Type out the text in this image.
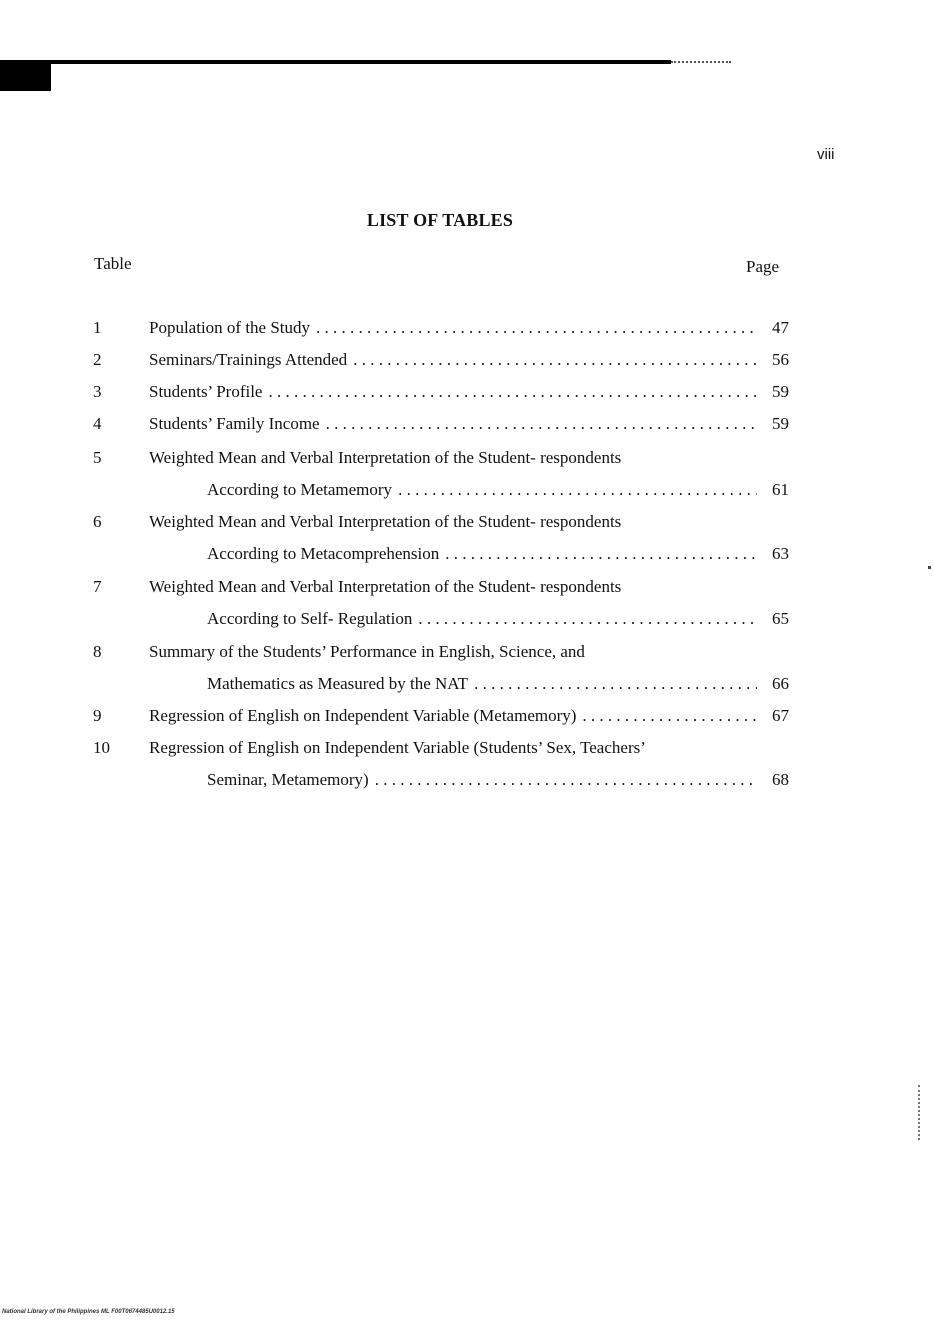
viii
LIST OF TABLES
Table	Page
1	Population of the Study . . .	47
2	Seminars/Trainings Attended . . .	56
3	Students’ Profile . . .	59
4	Students’ Family Income . . .	59
5	Weighted Mean and Verbal Interpretation of the Student- respondents
According to Metamemory . . .	61
6	Weighted Mean and Verbal Interpretation of the Student- respondents
According to Metacomprehension . . .	63
7	Weighted Mean and Verbal Interpretation of the Student- respondents
According to Self- Regulation . . .	65
8	Summary of the Students’ Performance in English, Science, and
Mathematics as Measured by the NAT . . .	66
9	Regression of English on Independent Variable (Metamemory) . . .	67
10 Regression of English on Independent Variable (Students’ Sex, Teachers’
Seminar, Metamemory) . . .	68
National Library of the Philippines ML F00T0674485U0012.15
